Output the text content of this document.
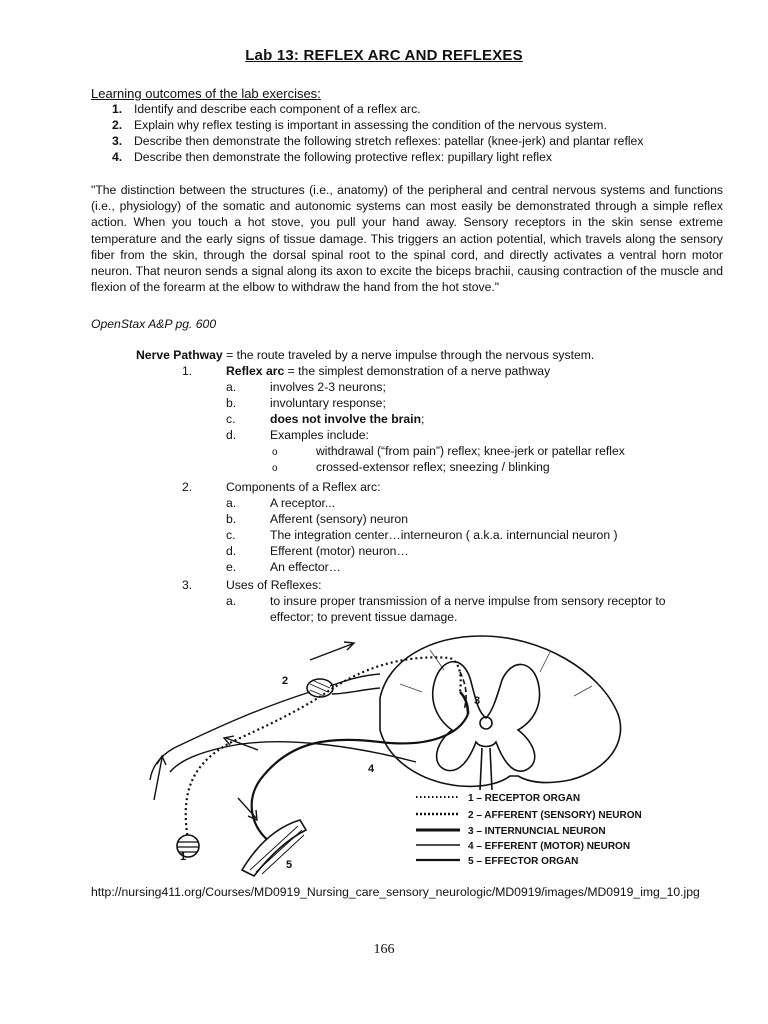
Lab 13: REFLEX ARC AND REFLEXES
Learning outcomes of the lab exercises:
1. Identify and describe each component of a reflex arc.
2. Explain why reflex testing is important in assessing the condition of the nervous system.
3. Describe then demonstrate the following stretch reflexes: patellar (knee-jerk) and plantar reflex
4. Describe then demonstrate the following protective reflex: pupillary light reflex
"The distinction between the structures (i.e., anatomy) of the peripheral and central nervous systems and functions (i.e., physiology) of the somatic and autonomic systems can most easily be demonstrated through a simple reflex action. When you touch a hot stove, you pull your hand away. Sensory receptors in the skin sense extreme temperature and the early signs of tissue damage. This triggers an action potential, which travels along the sensory fiber from the skin, through the dorsal spinal root to the spinal cord, and directly activates a ventral horn motor neuron. That neuron sends a signal along its axon to excite the biceps brachii, causing contraction of the muscle and flexion of the forearm at the elbow to withdraw the hand from the hot stove."
OpenStax A&P pg. 600
Nerve Pathway = the route traveled by a nerve impulse through the nervous system.
1.	Reflex arc = the simplest demonstration of a nerve pathway
a.	involves 2-3 neurons;
b.	involuntary response;
c.	does not involve the brain;
d.	Examples include:
o	withdrawal (“from pain”) reflex; knee-jerk or patellar reflex
o	crossed-extensor reflex; sneezing / blinking
2.	Components of a Reflex arc:
a.	A receptor...
b.	Afferent (sensory) neuron
c.	The integration center…interneuron ( a.k.a. internuncial neuron )
d.	Efferent (motor) neuron…
e.	An effector…
3.	Uses of Reflexes:
a.	to insure proper transmission of a nerve impulse from sensory receptor to
effector; to prevent tissue damage.
1
2
3
4
5
1 – RECEPTOR ORGAN
2 – AFFERENT (SENSORY) NEURON
3 – INTERNUNCIAL NEURON
4 – EFFERENT (MOTOR) NEURON
5 – EFFECTOR ORGAN
http://nursing411.org/Courses/MD0919_Nursing_care_sensory_neurologic/MD0919/images/MD0919_img_10.jpg
166
